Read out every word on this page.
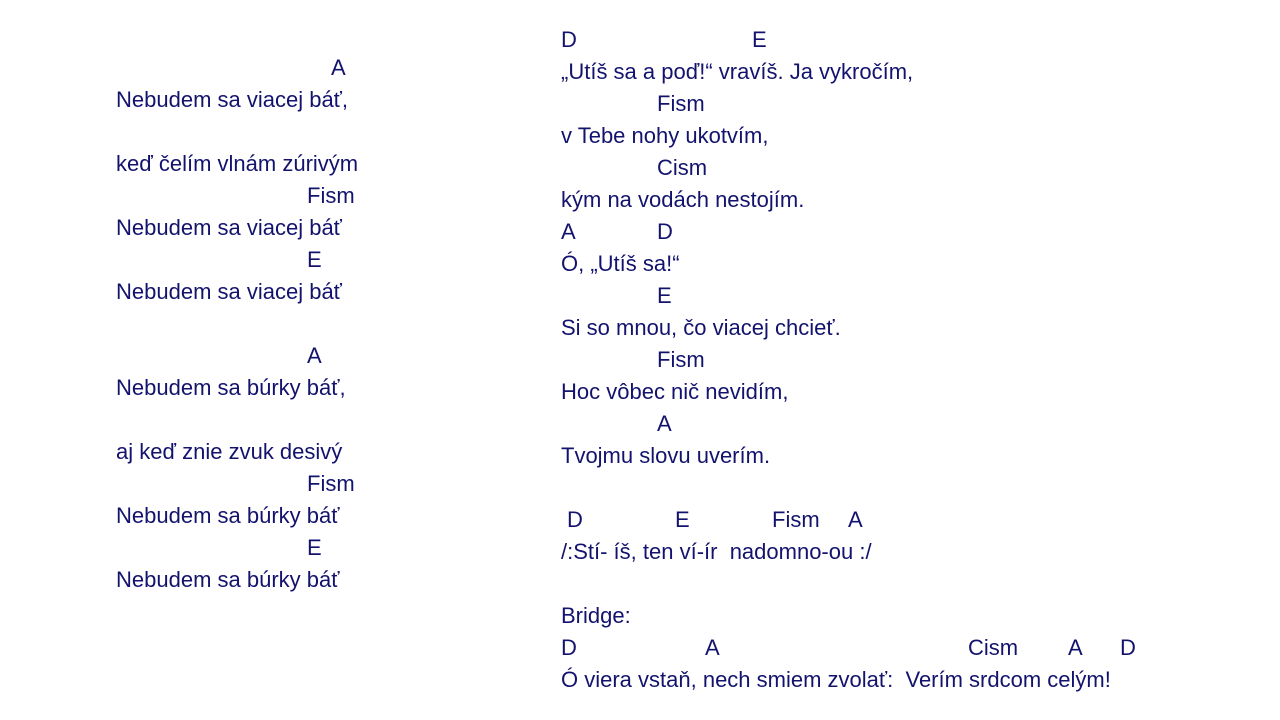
A
Nebudem sa viacej báť,
keď čelím vlnám zúrivým
Fism
Nebudem sa viacej báť
E
Nebudem sa viacej báť
A
Nebudem sa búrky báť,
aj keď znie zvuk desivý
Fism
Nebudem sa búrky báť
E
Nebudem sa búrky báť
D	E
„Utíš sa a poď!“ vravíš. Ja vykročím,
Fism
v Tebe nohy ukotvím,
Cism
kým na vodách nestojím.
A	D
Ó, „Utíš sa!“
E
Si so mnou, čo viacej chcieť.
Fism
Hoc vôbec nič nevidím,
A
Tvojmu slovu uverím.
D	E	Fism A
/:Stí- íš, ten ví-ír  nadomno-ou :/
Bridge:
D	A	Cism A D
Ó viera vstaň, nech smiem zvolať:  Verím srdcom celým!
